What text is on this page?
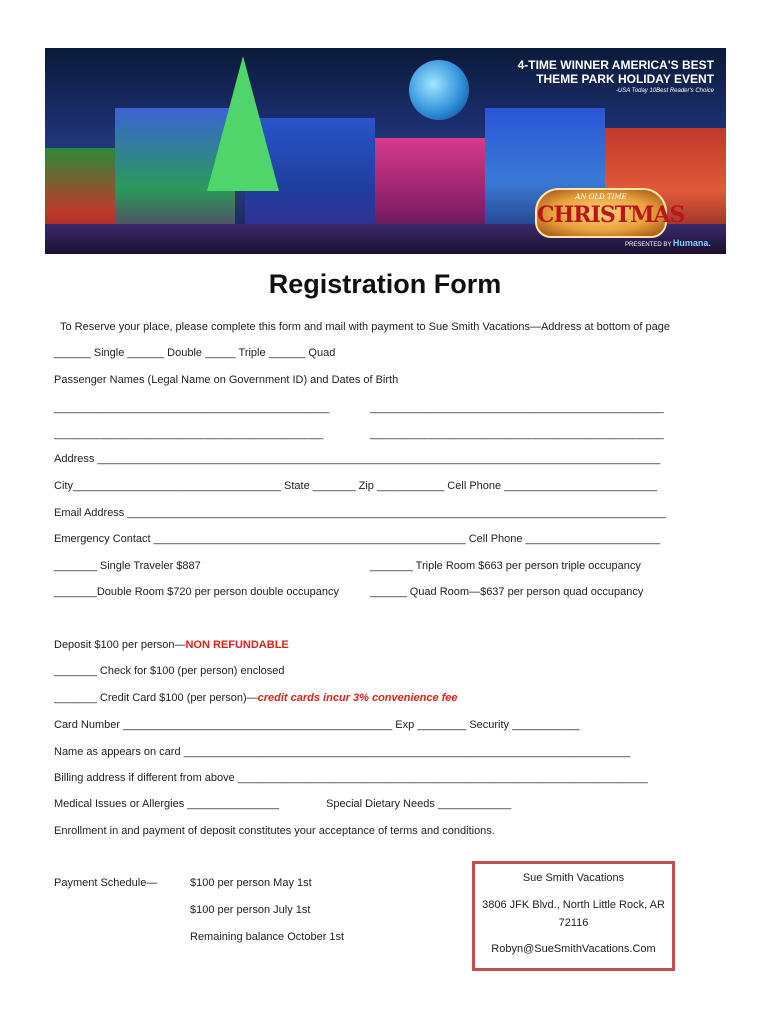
4-TIME WINNER AMERICA'S BEST
THEME PARK HOLIDAY EVENT
-USA Today 10Best Reader's Choice
AN OLD TIME
CHRISTMAS
PRESENTED BY Humana.
Registration Form
To Reserve your place, please complete this form and mail with payment to Sue Smith Vacations—Address at bottom of page
______ Single ______ Double _____ Triple ______ Quad
Passenger Names (Legal Name on Government ID) and Dates of Birth
_____________________________________________	________________________________________________
____________________________________________	________________________________________________
Address ____________________________________________________________________________________________
City__________________________________ State _______ Zip ___________ Cell Phone _________________________
Email Address ________________________________________________________________________________________
Emergency Contact ___________________________________________________ Cell Phone ______________________
_______ Single Traveler $887	_______ Triple Room $663 per person triple occupancy
_______Double Room $720 per person double occupancy	______ Quad Room—$637 per person quad occupancy
Deposit $100 per person—NON REFUNDABLE
_______ Check for $100 (per person) enclosed
_______ Credit Card $100 (per person)—credit cards incur 3% convenience fee
Card Number ____________________________________________ Exp ________ Security ___________
Name as appears on card _________________________________________________________________________
Billing address if different from above ___________________________________________________________________
Medical Issues or Allergies _______________	Special Dietary Needs ____________
Enrollment in and payment of deposit constitutes your acceptance of terms and conditions.
Payment Schedule—	$100 per person May 1st
$100 per person July 1st
Remaining balance October 1st
Sue Smith Vacations
3806 JFK Blvd., North Little Rock, AR
72116
Robyn@SueSmithVacations.Com
